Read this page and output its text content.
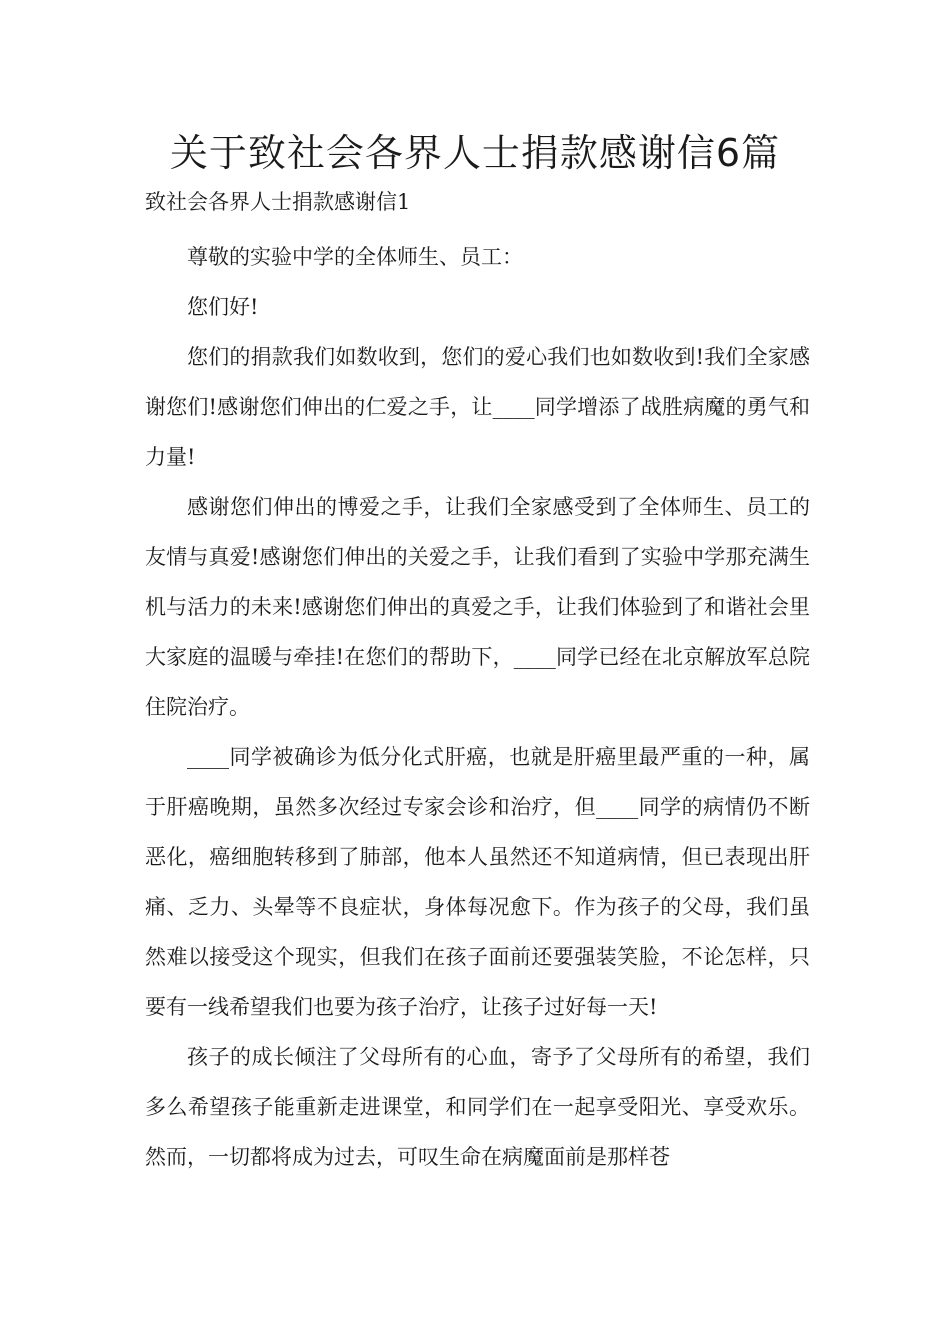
关于致社会各界人士捐款感谢信6篇
致社会各界人士捐款感谢信1

尊敬的实验中学的全体师生、员工：

您们好!

您们的捐款我们如数收到，您们的爱心我们也如数收到!我们全家感谢您们!感谢您们伸出的仁爱之手，让____同学增添了战胜病魔的勇气和力量!

感谢您们伸出的博爱之手，让我们全家感受到了全体师生、员工的友情与真爱!感谢您们伸出的关爱之手，让我们看到了实验中学那充满生机与活力的未来!感谢您们伸出的真爱之手，让我们体验到了和谐社会里大家庭的温暖与牵挂!在您们的帮助下，____同学已经在北京解放军总院住院治疗。

____同学被确诊为低分化式肝癌，也就是肝癌里最严重的一种，属于肝癌晚期，虽然多次经过专家会诊和治疗，但____同学的病情仍不断恶化，癌细胞转移到了肺部，他本人虽然还不知道病情，但已表现出肝痛、乏力、头晕等不良症状，身体每况愈下。作为孩子的父母，我们虽然难以接受这个现实，但我们在孩子面前还要强装笑脸，不论怎样，只要有一线希望我们也要为孩子治疗，让孩子过好每一天!

孩子的成长倾注了父母所有的心血，寄予了父母所有的希望，我们多么希望孩子能重新走进课堂，和同学们在一起享受阳光、享受欢乐。然而，一切都将成为过去，可叹生命在病魔面前是那样苍
